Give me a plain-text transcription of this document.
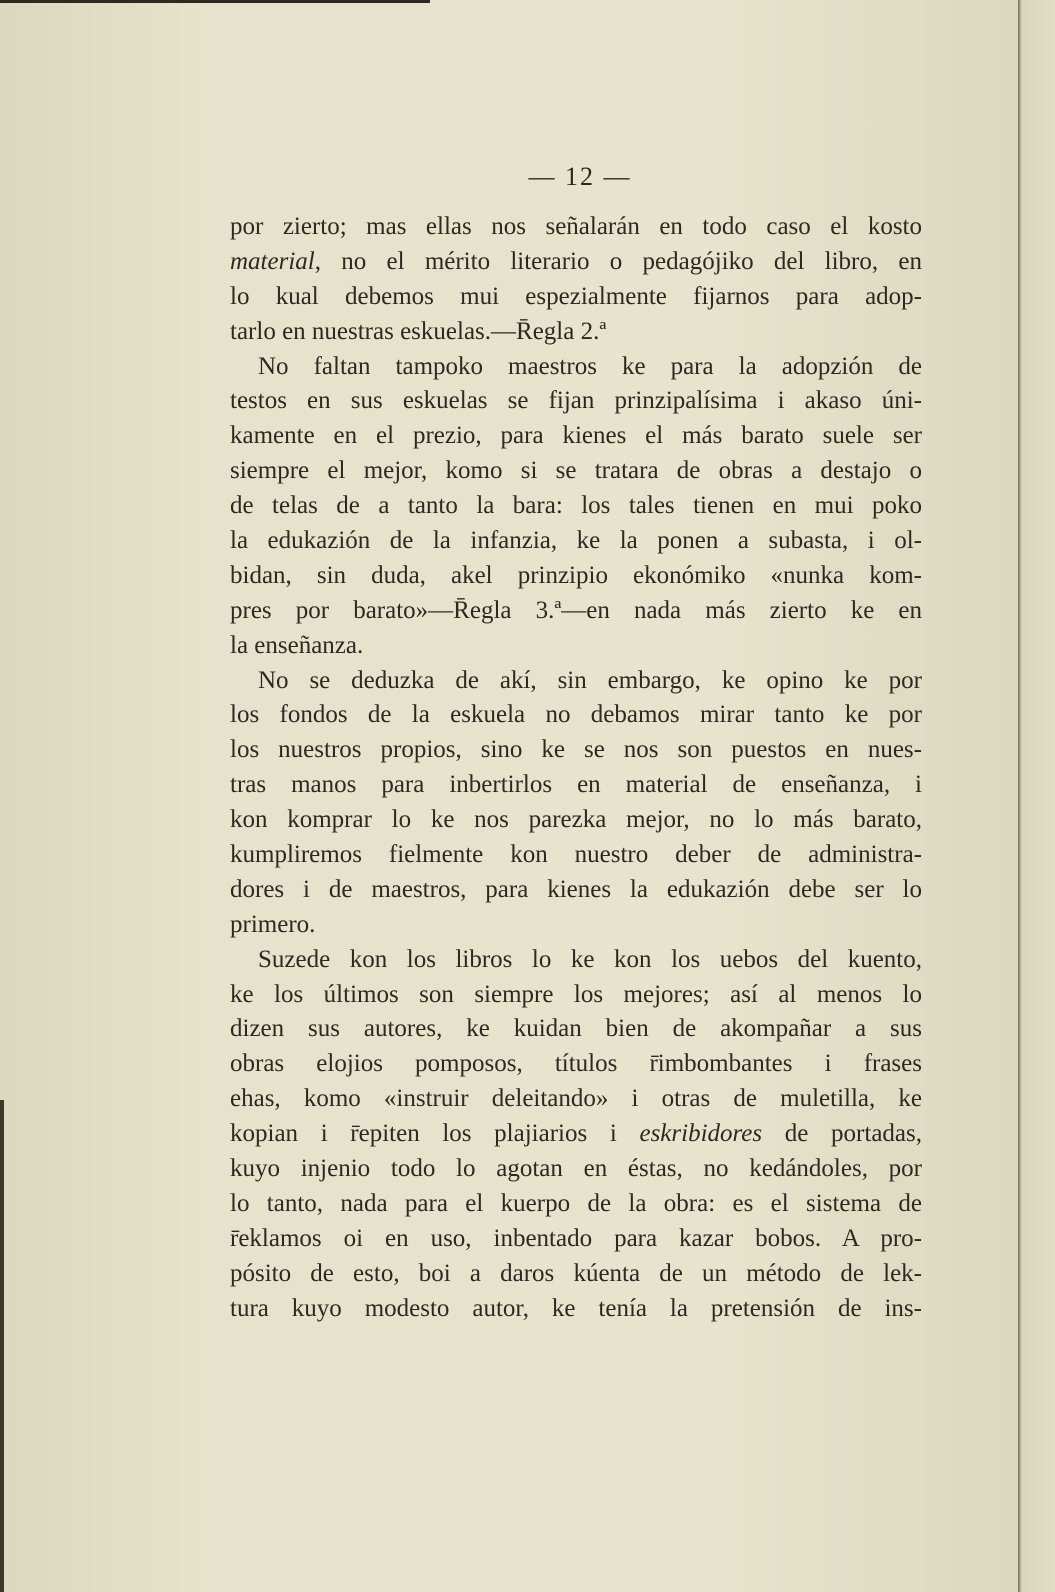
— 12 —
por zierto; mas ellas nos señalarán en todo caso el kosto
material, no el mérito literario o pedagójiko del libro, en
lo kual debemos mui espezialmente fijarnos para adop-
tarlo en nuestras eskuelas.—R̄egla 2.ª
No faltan tampoko maestros ke para la adopzión de
testos en sus eskuelas se fijan prinzipalísima i akaso úni-
kamente en el prezio, para kienes el más barato suele ser
siempre el mejor, komo si se tratara de obras a destajo o
de telas de a tanto la bara: los tales tienen en mui poko
la edukazión de la infanzia, ke la ponen a subasta, i ol-
bidan, sin duda, akel prinzipio ekonómiko «nunka kom-
pres por barato»—R̄egla 3.ª—en nada más zierto ke en
la enseñanza.
No se deduzka de akí, sin embargo, ke opino ke por
los fondos de la eskuela no debamos mirar tanto ke por
los nuestros propios, sino ke se nos son puestos en nues-
tras manos para inbertirlos en material de enseñanza, i
kon komprar lo ke nos parezka mejor, no lo más barato,
kumpliremos fielmente kon nuestro deber de administra-
dores i de maestros, para kienes la edukazión debe ser lo
primero.
Suzede kon los libros lo ke kon los uebos del kuento,
ke los últimos son siempre los mejores; así al menos lo
dizen sus autores, ke kuidan bien de akompañar a sus
obras elojios pomposos, títulos r̄imbombantes i frases
ehas, komo «instruir deleitando» i otras de muletilla, ke
kopian i r̄epiten los plajiarios i eskribidores de portadas,
kuyo injenio todo lo agotan en éstas, no kedándoles, por
lo tanto, nada para el kuerpo de la obra: es el sistema de
r̄eklamos oi en uso, inbentado para kazar bobos. A pro-
pósito de esto, boi a daros kúenta de un método de lek-
tura kuyo modesto autor, ke tenía la pretensión de ins-
